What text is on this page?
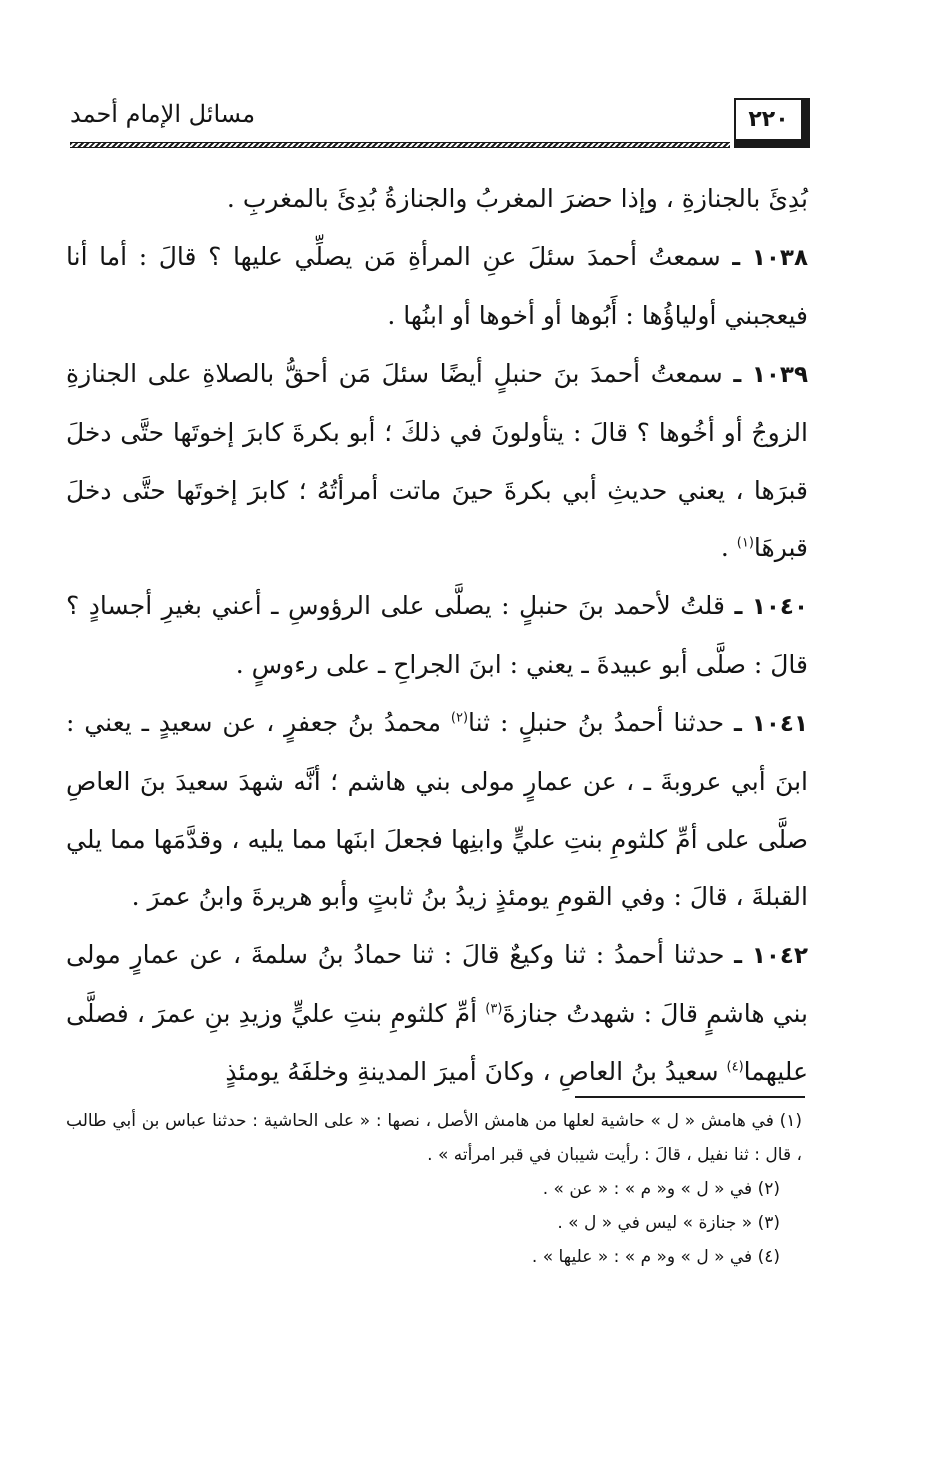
٢٢٠
مسائل الإمام أحمد

بُدِئَ بالجنازةِ ، وإذا حضرَ المغربُ والجنازةُ بُدِئَ بالمغربِ .

١٠٣٨ ـ سمعتُ أحمدَ سئلَ عنِ المرأةِ مَن يصلِّي عليها ؟ قالَ : أما أنا فيعجبني أولياؤُها : أَبُوها أو أخوها أو ابنُها .

١٠٣٩ ـ سمعتُ أحمدَ بنَ حنبلٍ أيضًا سئلَ مَن أحقُّ بالصلاةِ على الجنازةِ الزوجُ أو أخُوها ؟ قالَ : يتأولونَ في ذلكَ ؛ أبو بكرةَ كابرَ إخوتَها حتَّى دخلَ قبرَها ، يعني حديثِ أبي بكرةَ حينَ ماتت أمرأتُهُ ؛ كابرَ إخوتَها حتَّى دخلَ قبرهَا$^{(١)}$ .

١٠٤٠ ـ قلتُ لأحمد بنَ حنبلٍ : يصلَّى على الرؤوسِ ـ أعني بغيرِ أجسادٍ ؟ قالَ : صلَّى أبو عبيدةَ ـ يعني : ابنَ الجراحِ ـ على رءوسٍ .

١٠٤١ ـ حدثنا أحمدُ بنُ حنبلٍ : ثنا$^{(٢)}$ محمدُ بنُ جعفرٍ ، عن سعيدٍ ـ يعني : ابنَ أبي عروبةَ ـ ، عن عمارٍ مولى بني هاشم ؛ أنَّه شهدَ سعيدَ بنَ العاصِ صلَّى على أمِّ كلثومِ بنتِ عليٍّ وابنِها فجعلَ ابنَها مما يليه ، وقدَّمَها مما يلي القبلةَ ، قالَ : وفي القومِ يومئذٍ زيدُ بنُ ثابتٍ وأبو هريرةَ وابنُ عمرَ .

١٠٤٢ ـ حدثنا أحمدُ : ثنا وكيعٌ قالَ : ثنا حمادُ بنُ سلمةَ ، عن عمارٍ مولى بني هاشمٍ قالَ : شهدتُ جنازةَ$^{(٣)}$ أمِّ كلثومِ بنتِ عليٍّ وزيدِ بنِ عمرَ ، فصلَّى عليهما$^{(٤)}$ سعيدُ بنُ العاصِ ، وكانَ أميرَ المدينةِ وخلفَهُ يومئذٍ

(١) في هامش « ل » حاشية لعلها من هامش الأصل ، نصها : « على الحاشية : حدثنا عباس بن أبي طالب ، قال : ثنا نفيل ، قالَ : رأيت شيبان في قبر امرأته » .

(٢) في « ل » و« م » : « عن » .

(٣) « جنازة » ليس في « ل » .

(٤) في « ل » و« م » : « عليها » .
